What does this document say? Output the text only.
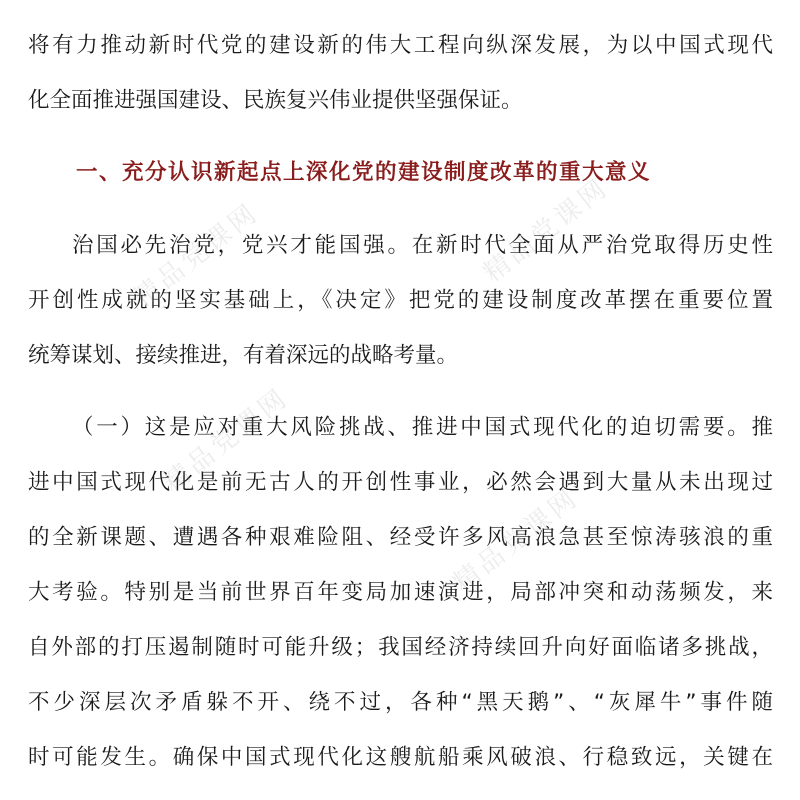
将有力推动新时代党的建设新的伟大工程向纵深发展，为以中国式现代
化全面推进强国建设、民族复兴伟业提供坚强保证。
一、充分认识新起点上深化党的建设制度改革的重大意义
治国必先治党，党兴才能国强。在新时代全面从严治党取得历史性
开创性成就的坚实基础上，《决定》把党的建设制度改革摆在重要位置
统筹谋划、接续推进，有着深远的战略考量。
（一）这是应对重大风险挑战、推进中国式现代化的迫切需要。推
进中国式现代化是前无古人的开创性事业，必然会遇到大量从未出现过
的全新课题、遭遇各种艰难险阻、经受许多风高浪急甚至惊涛骇浪的重
大考验。特别是当前世界百年变局加速演进，局部冲突和动荡频发，来
自外部的打压遏制随时可能升级；我国经济持续回升向好面临诸多挑战，
不少深层次矛盾躲不开、绕不过，各种“黑天鹅”、“灰犀牛”事件随
时可能发生。确保中国式现代化这艘航船乘风破浪、行稳致远，关键在
精品党课网	精品党课网
精品党课网
精品党课网
